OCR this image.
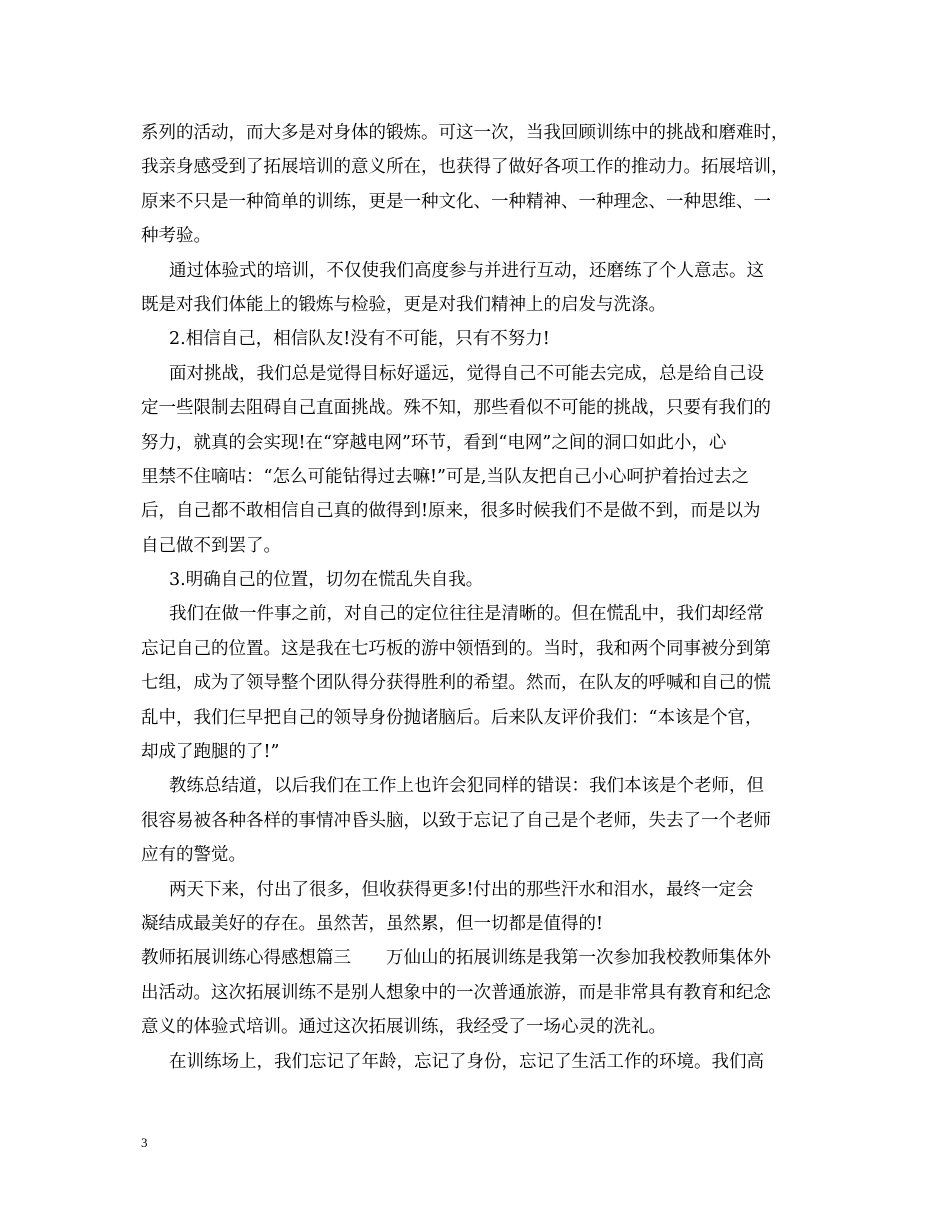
系列的活动，而大多是对身体的锻炼。可这一次，当我回顾训练中的挑战和磨难时，
我亲身感受到了拓展培训的意义所在，也获得了做好各项工作的推动力。拓展培训，
原来不只是一种简单的训练，更是一种文化、一种精神、一种理念、一种思维、一
种考验。
通过体验式的培训，不仅使我们高度参与并进行互动，还磨练了个人意志。这
既是对我们体能上的锻炼与检验，更是对我们精神上的启发与洗涤。
2.相信自己，相信队友!没有不可能，只有不努力!
面对挑战，我们总是觉得目标好遥远，觉得自己不可能去完成，总是给自己设
定一些限制去阻碍自己直面挑战。殊不知，那些看似不可能的挑战，只要有我们的
努力，就真的会实现!在“穿越电网”环节，看到“电网”之间的洞口如此小，心
里禁不住嘀咕：“怎么可能钻得过去嘛!”可是,当队友把自己小心呵护着抬过去之
后，自己都不敢相信自己真的做得到!原来，很多时候我们不是做不到，而是以为
自己做不到罢了。
3.明确自己的位置，切勿在慌乱失自我。
我们在做一件事之前，对自己的定位往往是清晰的。但在慌乱中，我们却经常
忘记自己的位置。这是我在七巧板的游中领悟到的。当时，我和两个同事被分到第
七组，成为了领导整个团队得分获得胜利的希望。然而，在队友的呼喊和自己的慌
乱中，我们仨早把自己的领导身份抛诸脑后。后来队友评价我们：“本该是个官，
却成了跑腿的了!”
教练总结道，以后我们在工作上也许会犯同样的错误：我们本该是个老师，但
很容易被各种各样的事情冲昏头脑，以致于忘记了自己是个老师，失去了一个老师
应有的警觉。
两天下来，付出了很多，但收获得更多!付出的那些汗水和泪水，最终一定会
凝结成最美好的存在。虽然苦，虽然累，但一切都是值得的!
教师拓展训练心得感想篇三　　万仙山的拓展训练是我第一次参加我校教师集体外
出活动。这次拓展训练不是别人想象中的一次普通旅游，而是非常具有教育和纪念
意义的体验式培训。通过这次拓展训练，我经受了一场心灵的洗礼。
在训练场上，我们忘记了年龄，忘记了身份，忘记了生活工作的环境。我们高
3
